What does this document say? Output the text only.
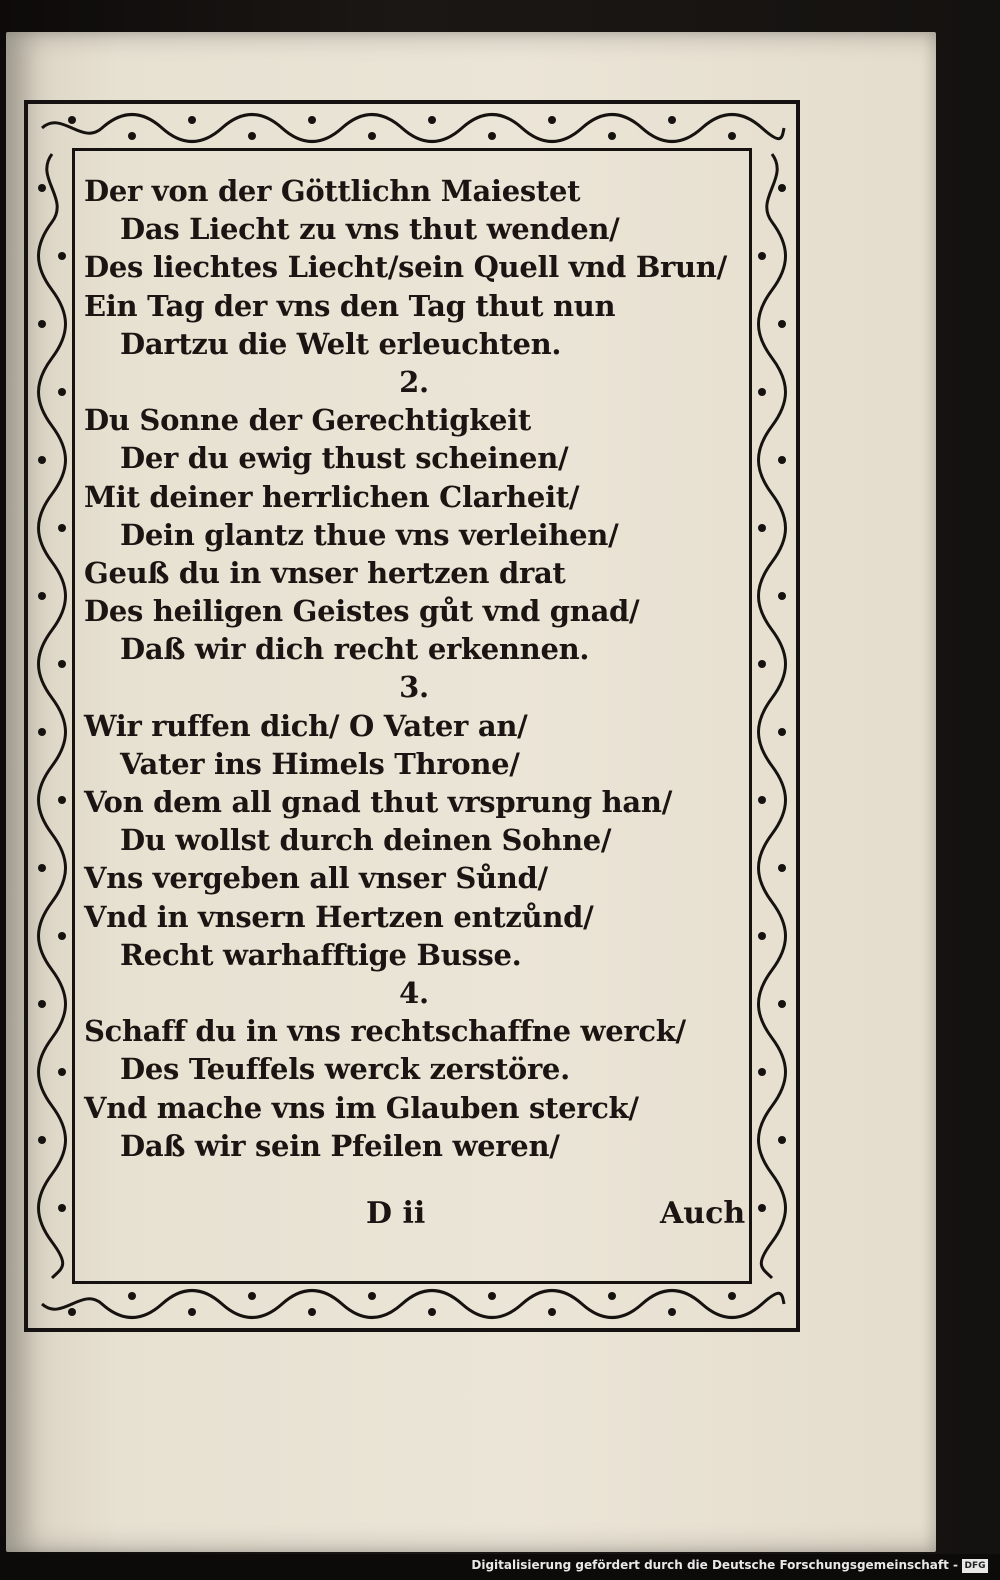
Der von der Göttlichn Maiestet
Das Liecht zu vns thut wenden/
Des liechtes Liecht/sein Quell vnd Brun/
Ein Tag der vns den Tag thut nun
Dartzu die Welt erleuchten.
2.
Du Sonne der Gerechtigkeit
Der du ewig thust scheinen/
Mit deiner herrlichen Clarheit/
Dein glantz thue vns verleihen/
Geuß du in vnser hertzen drat
Des heiligen Geistes gůt vnd gnad/
Daß wir dich recht erkennen.
3.
Wir ruffen dich/ O Vater an/
Vater ins Himels Throne/
Von dem all gnad thut vrsprung han/
Du wollst durch deinen Sohne/
Vns vergeben all vnser Sůnd/
Vnd in vnsern Hertzen entzůnd/
Recht warhafftige Busse.
4.
Schaff du in vns rechtschaffne werck/
Des Teuffels werck zerstöre.
Vnd mache vns im Glauben sterck/
Daß wir sein Pfeilen weren/
D ii	Auch
Digitalisierung gefördert durch die Deutsche Forschungsgemeinschaft - DFG
